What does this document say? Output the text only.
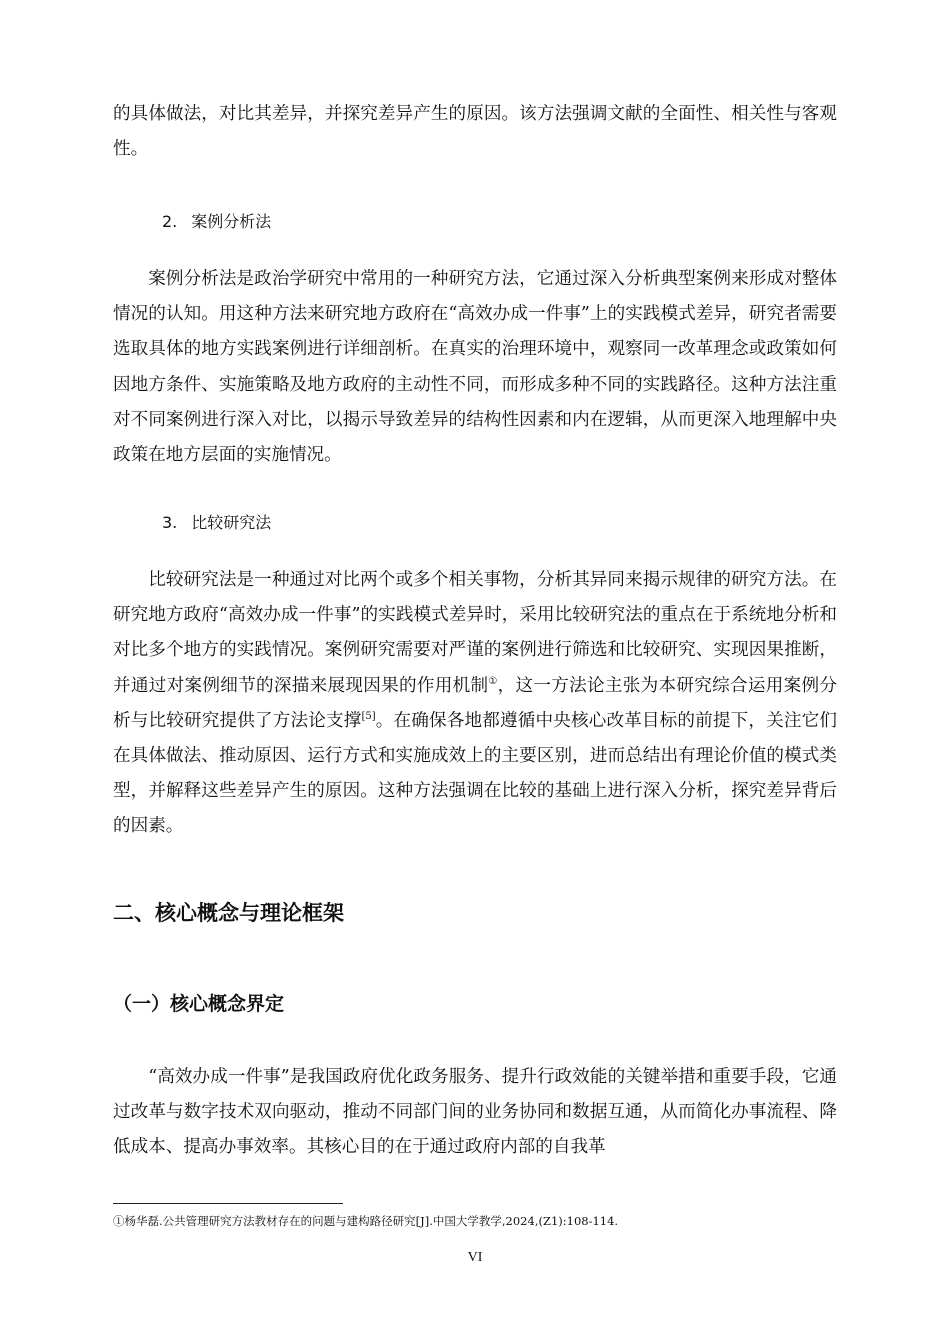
的具体做法，对比其差异，并探究差异产生的原因。该方法强调文献的全面性、相关性与客观性。

2. 案例分析法

案例分析法是政治学研究中常用的一种研究方法，它通过深入分析典型案例来形成对整体情况的认知。用这种方法来研究地方政府在“高效办成一件事”上的实践模式差异，研究者需要选取具体的地方实践案例进行详细剖析。在真实的治理环境中，观察同一改革理念或政策如何因地方条件、实施策略及地方政府的主动性不同，而形成多种不同的实践路径。这种方法注重对不同案例进行深入对比，以揭示导致差异的结构性因素和内在逻辑，从而更深入地理解中央政策在地方层面的实施情况。

3. 比较研究法

比较研究法是一种通过对比两个或多个相关事物，分析其异同来揭示规律的研究方法。在研究地方政府“高效办成一件事”的实践模式差异时，采用比较研究法的重点在于系统地分析和对比多个地方的实践情况。案例研究需要对严谨的案例进行筛选和比较研究、实现因果推断，并通过对案例细节的深描来展现因果的作用机制①，这一方法论主张为本研究综合运用案例分析与比较研究提供了方法论支撑[5]。在确保各地都遵循中央核心改革目标的前提下，关注它们在具体做法、推动原因、运行方式和实施成效上的主要区别，进而总结出有理论价值的模式类型，并解释这些差异产生的原因。这种方法强调在比较的基础上进行深入分析，探究差异背后的因素。

二、核心概念与理论框架
（一）核心概念界定

“高效办成一件事”是我国政府优化政务服务、提升行政效能的关键举措和重要手段，它通过改革与数字技术双向驱动，推动不同部门间的业务协同和数据互通，从而简化办事流程、降低成本、提高办事效率。其核心目的在于通过政府内部的自我革

①杨华磊.公共管理研究方法教材存在的问题与建构路径研究[J].中国大学教学,2024,(Z1):108-114.

VI
